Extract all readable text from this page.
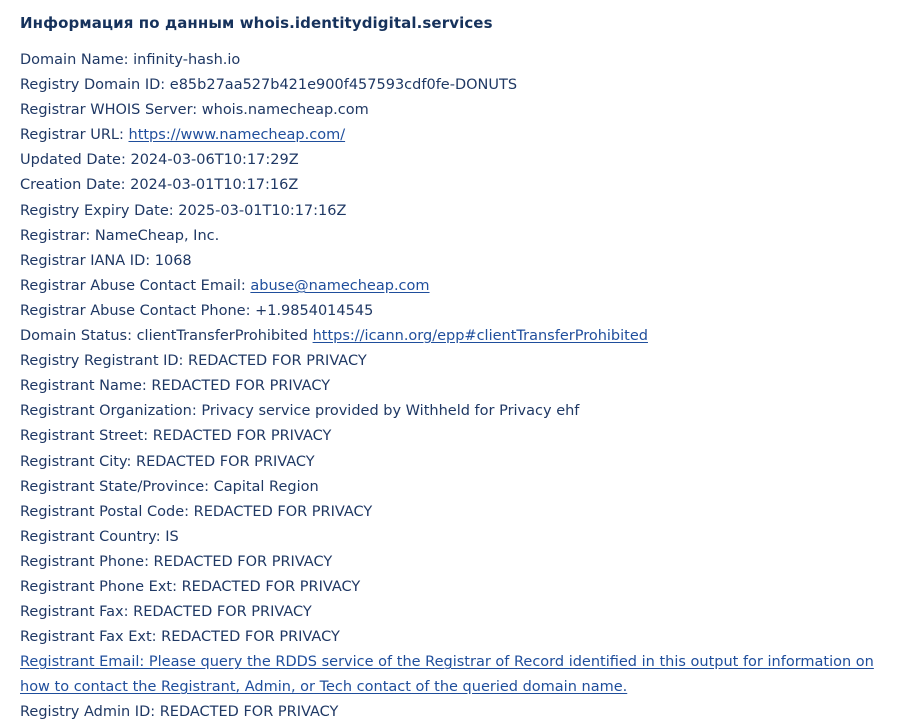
Информация по данным whois.identitydigital.services
Domain Name: infinity-hash.io
Registry Domain ID: e85b27aa527b421e900f457593cdf0fe-DONUTS
Registrar WHOIS Server: whois.namecheap.com
Registrar URL: https://www.namecheap.com/
Updated Date: 2024-03-06T10:17:29Z
Creation Date: 2024-03-01T10:17:16Z
Registry Expiry Date: 2025-03-01T10:17:16Z
Registrar: NameCheap, Inc.
Registrar IANA ID: 1068
Registrar Abuse Contact Email: abuse@namecheap.com
Registrar Abuse Contact Phone: +1.9854014545
Domain Status: clientTransferProhibited https://icann.org/epp#clientTransferProhibited
Registry Registrant ID: REDACTED FOR PRIVACY
Registrant Name: REDACTED FOR PRIVACY
Registrant Organization: Privacy service provided by Withheld for Privacy ehf
Registrant Street: REDACTED FOR PRIVACY
Registrant City: REDACTED FOR PRIVACY
Registrant State/Province: Capital Region
Registrant Postal Code: REDACTED FOR PRIVACY
Registrant Country: IS
Registrant Phone: REDACTED FOR PRIVACY
Registrant Phone Ext: REDACTED FOR PRIVACY
Registrant Fax: REDACTED FOR PRIVACY
Registrant Fax Ext: REDACTED FOR PRIVACY
Registrant Email: Please query the RDDS service of the Registrar of Record identified in this output for information on how to contact the Registrant, Admin, or Tech contact of the queried domain name.
Registry Admin ID: REDACTED FOR PRIVACY
